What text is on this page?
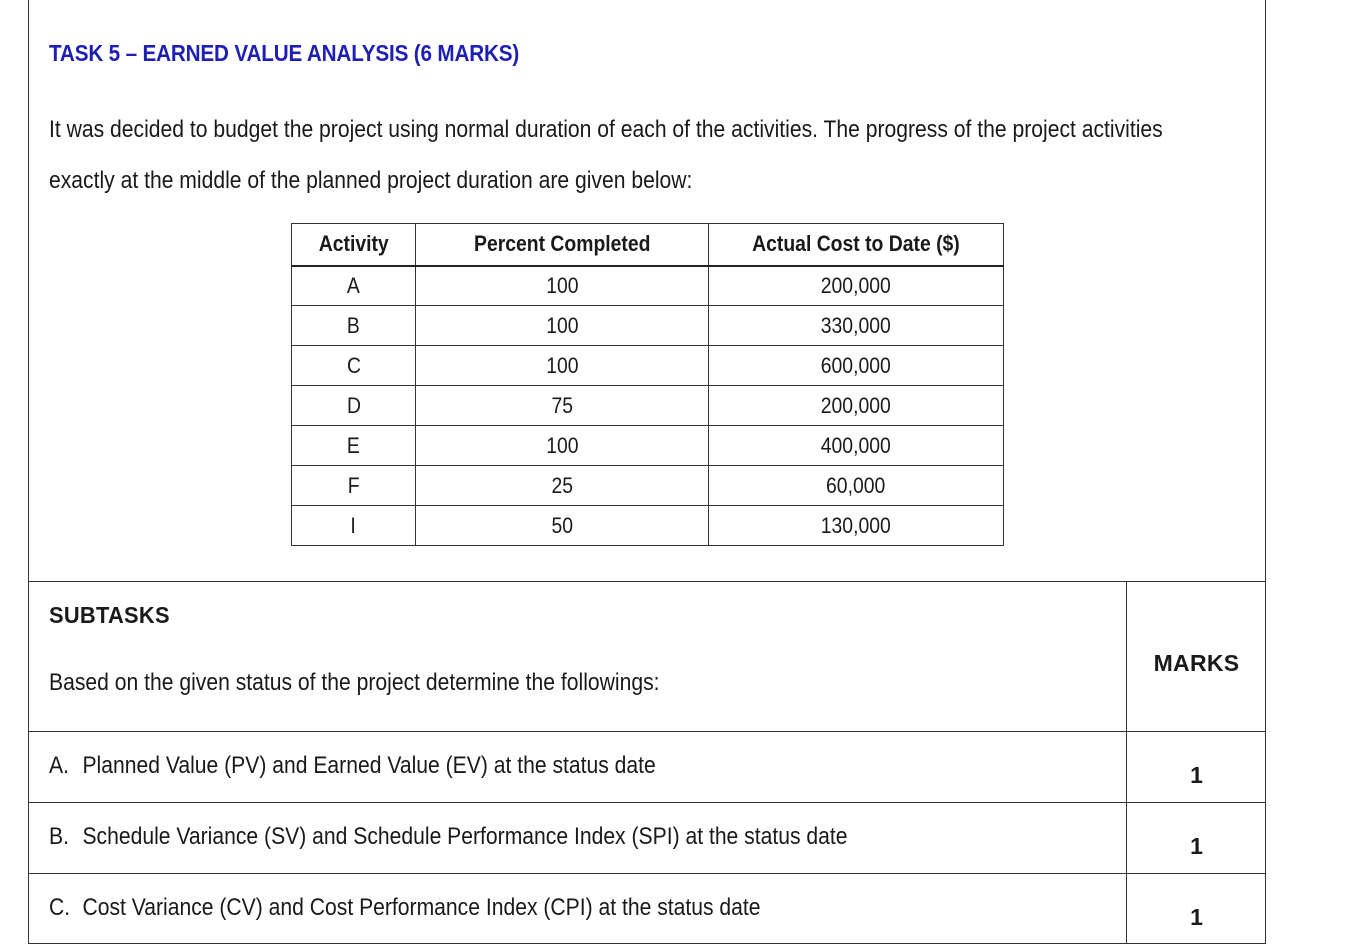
TASK 5 – EARNED VALUE ANALYSIS (6 MARKS)

It was decided to budget the project using normal duration of each of the activities. The progress of the project activities exactly at the middle of the planned project duration are given below:

Activity	Percent Completed	Actual Cost to Date ($)
A	100	200,000
B	100	330,000
C	100	600,000
D	75	200,000
E	100	400,000
F	25	60,000
I	50	130,000
SUBTASKS
Based on the given status of the project determine the followings:
MARKS
A. Planned Value (PV) and Earned Value (EV) at the status date	1
B. Schedule Variance (SV) and Schedule Performance Index (SPI) at the status date	1
C. Cost Variance (CV) and Cost Performance Index (CPI) at the status date	1
